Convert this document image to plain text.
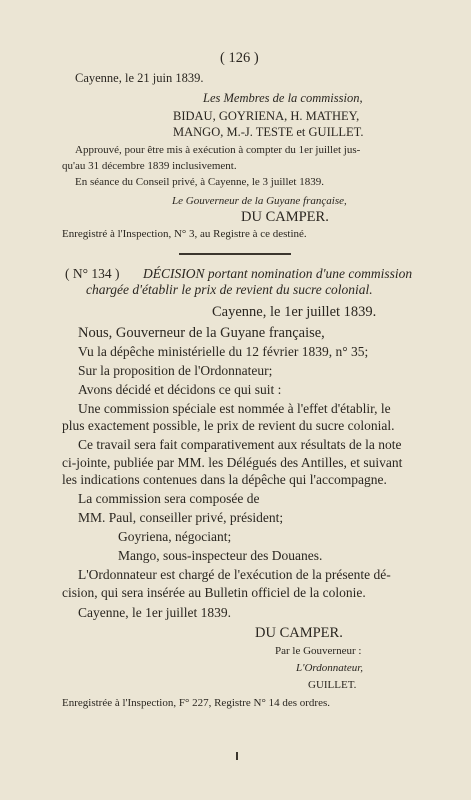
( 126 )
Cayenne, le 21 juin 1839.
Les Membres de la commission,
BIDAU, GOYRIENA, H. MATHEY,
MANGO, M.-J. TESTE et GUILLET.
Approuvé, pour être mis à exécution à compter du 1er juillet jus-
qu'au 31 décembre 1839 inclusivement.
En séance du Conseil privé, à Cayenne, le 3 juillet 1839.
Le Gouverneur de la Guyane française,
DU CAMPER.
Enregistré à l'Inspection, N° 3, au Registre à ce destiné.
( N° 134 ) DÉCISION portant nomination d'une commission
chargée d'établir le prix de revient du sucre colonial.
Cayenne, le 1er juillet 1839.
Nous, Gouverneur de la Guyane française,
Vu la dépêche ministérielle du 12 février 1839, n° 35;
Sur la proposition de l'Ordonnateur;
Avons décidé et décidons ce qui suit :
Une commission spéciale est nommée à l'effet d'établir, le
plus exactement possible, le prix de revient du sucre colonial.
Ce travail sera fait comparativement aux résultats de la note
ci-jointe, publiée par MM. les Délégués des Antilles, et suivant
les indications contenues dans la dépêche qui l'accompagne.
La commission sera composée de
MM. Paul, conseiller privé, président;
Goyriena, négociant;
Mango, sous-inspecteur des Douanes.
L'Ordonnateur est chargé de l'exécution de la présente dé-
cision, qui sera insérée au Bulletin officiel de la colonie.
Cayenne, le 1er juillet 1839.
DU CAMPER.
Par le Gouverneur :
L'Ordonnateur,
GUILLET.
Enregistrée à l'Inspection, F° 227, Registre N° 14 des ordres.
